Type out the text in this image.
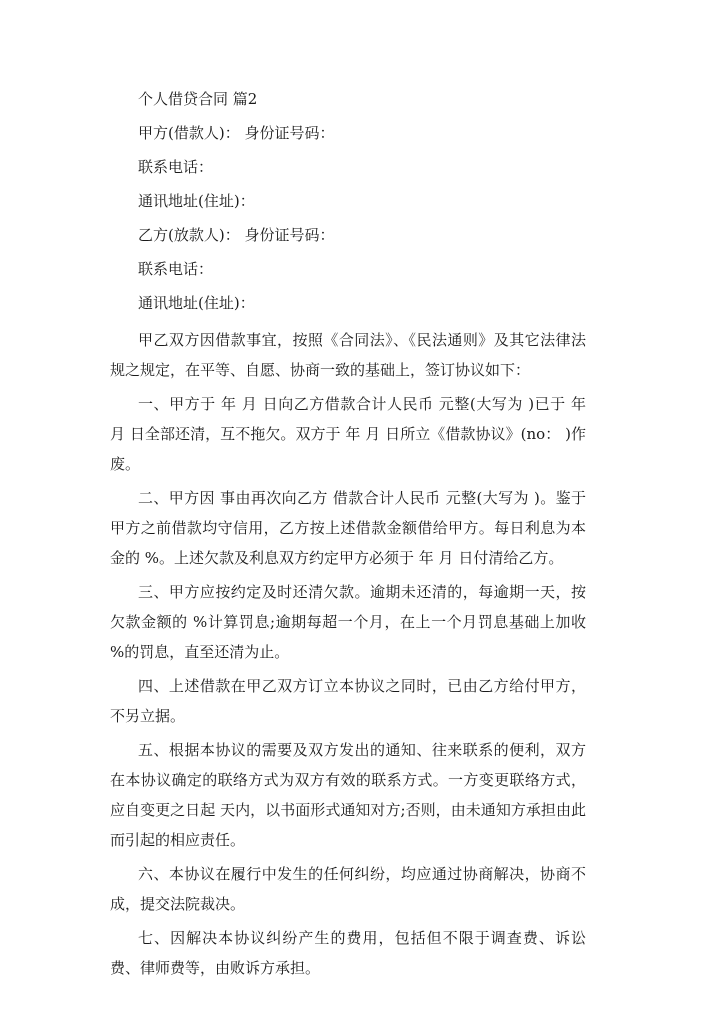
个人借贷合同 篇2

甲方(借款人)： 身份证号码：

联系电话：

通讯地址(住址)：

乙方(放款人)： 身份证号码：

联系电话：

通讯地址(住址)：

甲乙双方因借款事宜，按照《合同法》、《民法通则》及其它法律法规之规定，在平等、自愿、协商一致的基础上，签订协议如下：

一、甲方于 年 月 日向乙方借款合计人民币 元整(大写为 )已于 年 月 日全部还清，互不拖欠。双方于 年 月 日所立《借款协议》(no： )作废。

二、甲方因 事由再次向乙方 借款合计人民币 元整(大写为 )。鉴于甲方之前借款均守信用，乙方按上述借款金额借给甲方。每日利息为本金的 %。上述欠款及利息双方约定甲方必须于 年 月 日付清给乙方。

三、甲方应按约定及时还清欠款。逾期未还清的，每逾期一天，按欠款金额的 %计算罚息;逾期每超一个月，在上一个月罚息基础上加收 %的罚息，直至还清为止。

四、上述借款在甲乙双方订立本协议之同时，已由乙方给付甲方，不另立据。

五、根据本协议的需要及双方发出的通知、往来联系的便利，双方在本协议确定的联络方式为双方有效的联系方式。一方变更联络方式，应自变更之日起 天内，以书面形式通知对方;否则，由未通知方承担由此而引起的相应责任。

六、本协议在履行中发生的任何纠纷，均应通过协商解决，协商不成，提交法院裁决。

七、因解决本协议纠纷产生的费用，包括但不限于调查费、诉讼费、律师费等，由败诉方承担。
